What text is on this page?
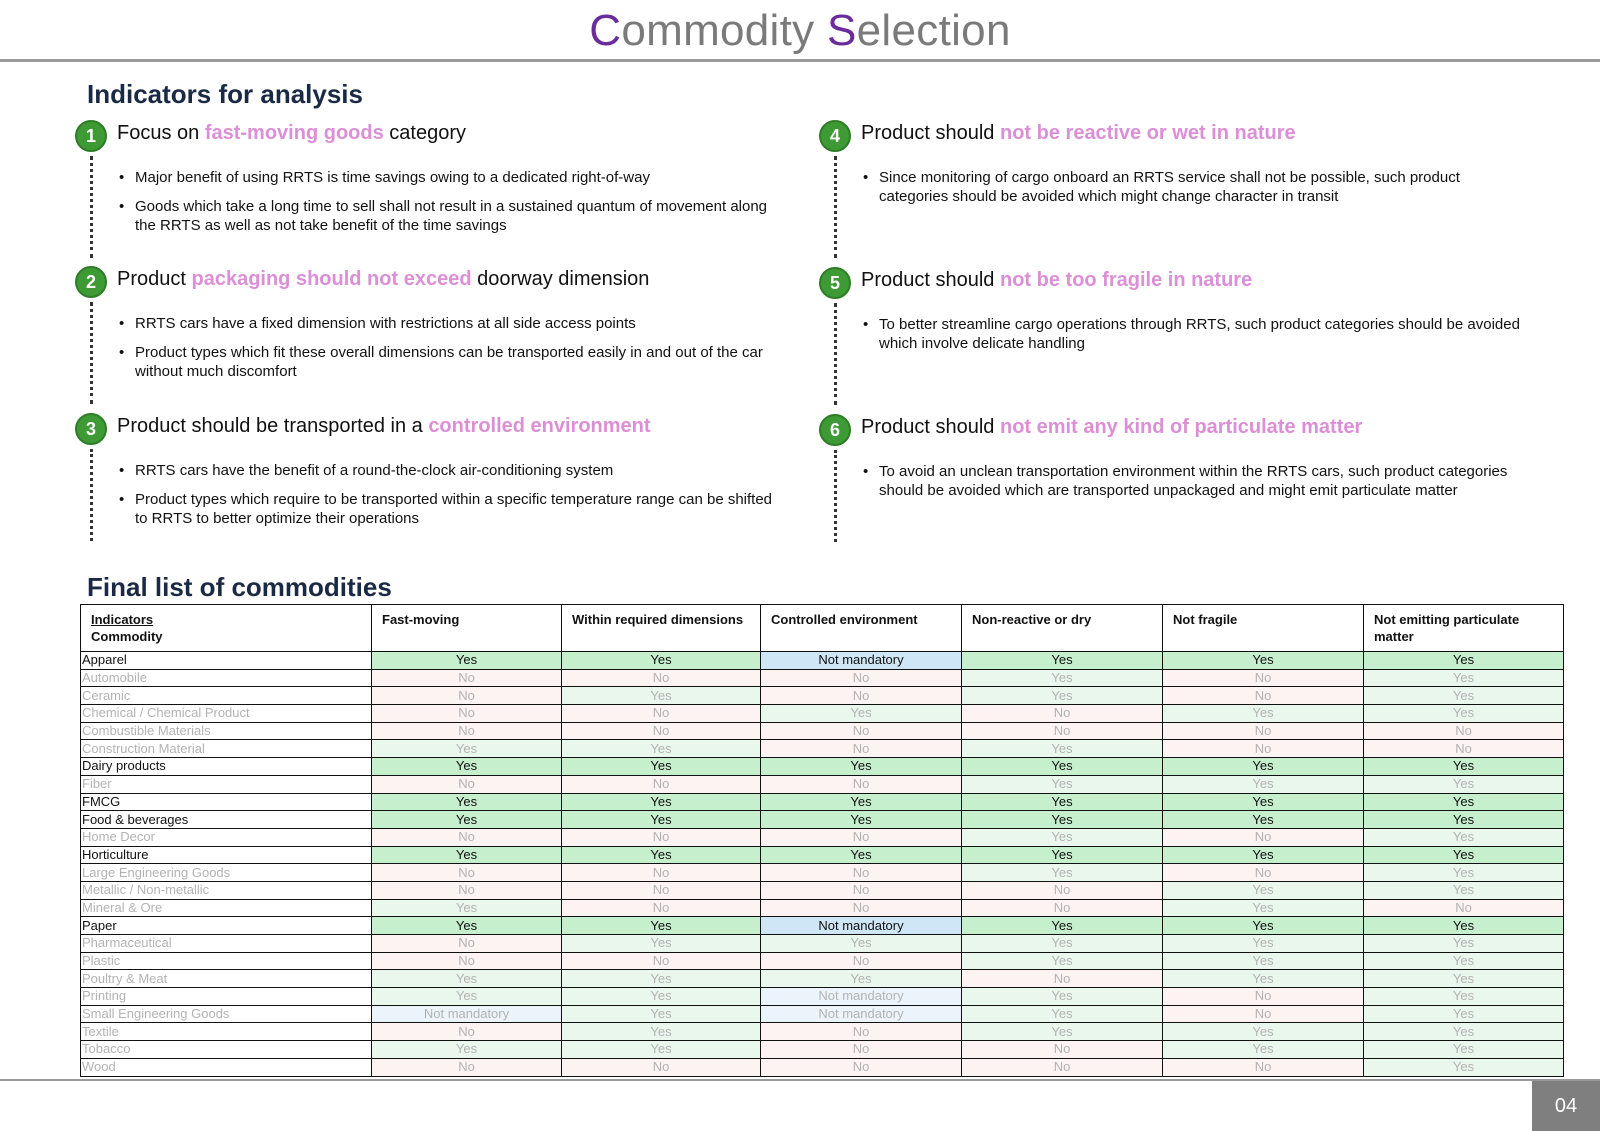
Commodity Selection
Indicators for analysis
1	Focus on fast-moving goods category
• Major benefit of using RRTS is time savings owing to a dedicated right-of-way
• Goods which take a long time to sell shall not result in a sustained quantum of movement along the RRTS as well as not take benefit of the time savings
2	Product packaging should not exceed doorway dimension
• RRTS cars have a fixed dimension with restrictions at all side access points
• Product types which fit these overall dimensions can be transported easily in and out of the car without much discomfort
3	Product should be transported in a controlled environment
• RRTS cars have the benefit of a round-the-clock air-conditioning system
• Product types which require to be transported within a specific temperature range can be shifted to RRTS to better optimize their operations
4	Product should not be reactive or wet in nature
• Since monitoring of cargo onboard an RRTS service shall not be possible, such product categories should be avoided which might change character in transit
5	Product should not be too fragile in nature
• To better streamline cargo operations through RRTS, such product categories should be avoided which involve delicate handling
6	Product should not emit any kind of particulate matter
• To avoid an unclean transportation environment within the RRTS cars, such product categories should be avoided which are transported unpackaged and might emit particulate matter
Final list of commodities
Indicators
Commodity	Fast-moving	Within required dimensions	Controlled environment	Non-reactive or dry	Not fragile	Not emitting particulate matter
Apparel	Yes	Yes	Not mandatory	Yes	Yes	Yes
Automobile	No	No	No	Yes	No	Yes
Ceramic	No	Yes	No	Yes	No	Yes
Chemical / Chemical Product	No	No	Yes	No	Yes	Yes
Combustible Materials	No	No	No	No	No	No
Construction Material	Yes	Yes	No	Yes	No	No
Dairy products	Yes	Yes	Yes	Yes	Yes	Yes
Fiber	No	No	No	Yes	Yes	Yes
FMCG	Yes	Yes	Yes	Yes	Yes	Yes
Food & beverages	Yes	Yes	Yes	Yes	Yes	Yes
Home Decor	No	No	No	Yes	No	Yes
Horticulture	Yes	Yes	Yes	Yes	Yes	Yes
Large Engineering Goods	No	No	No	Yes	No	Yes
Metallic / Non-metallic	No	No	No	No	Yes	Yes
Mineral & Ore	Yes	No	No	No	Yes	No
Paper	Yes	Yes	Not mandatory	Yes	Yes	Yes
Pharmaceutical	No	Yes	Yes	Yes	Yes	Yes
Plastic	No	No	No	Yes	Yes	Yes
Poultry & Meat	Yes	Yes	Yes	No	Yes	Yes
Printing	Yes	Yes	Not mandatory	Yes	No	Yes
Small Engineering Goods	Not mandatory	Yes	Not mandatory	Yes	No	Yes
Textile	No	Yes	No	Yes	Yes	Yes
Tobacco	Yes	Yes	No	No	Yes	Yes
Wood	No	No	No	No	No	Yes
04
